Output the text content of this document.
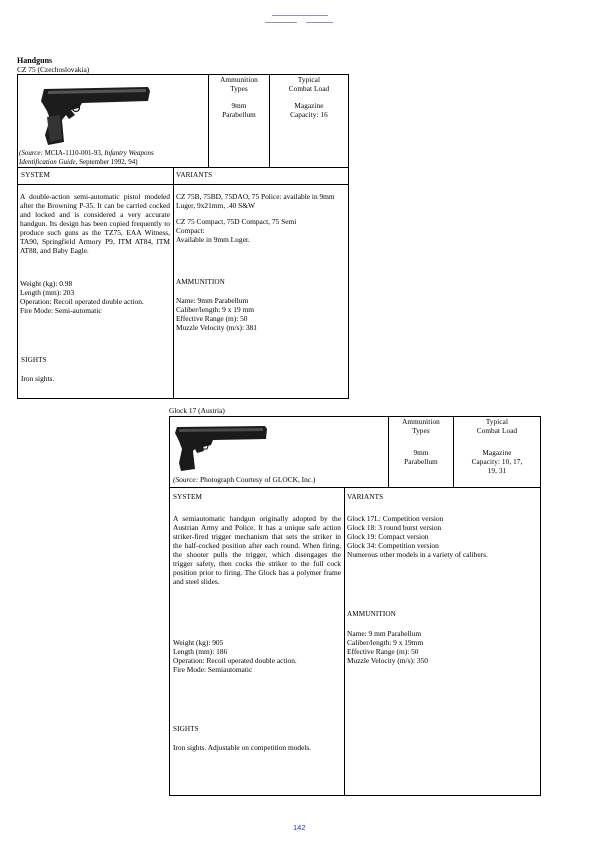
Handguns
CZ 75 (Czechoslovakia)
Ammunition
Types
9mm
Parabellum
Typical
Combat Load
Magazine
Capacity: 16
(Source: MCIA-1110-001-93, Infantry Weapons
Identification Guide, September 1992, 94)
SYSTEM	VARIANTS
A double-action semi-automatic pistol modeled after the Browning P-35. It can be carried cocked and locked and is considered a very accurate handgun. Its design has been copied frequently to produce such guns as the TZ75, EAA Witness, TA90, Springfield Armory P9, ITM AT84, ITM AT88, and Baby Eagle.
CZ 75B, 75BD, 75DAO, 75 Police: available in 9mm Luger, 9x21mm, .40 S&W
CZ 75 Compact, 75D Compact, 75 Semi Compact:
Available in 9mm Luger.
Weight (kg): 0.98
Length (mm): 203
Operation: Recoil operated double action.
Fire Mode: Semi-automatic
AMMUNITION
Name: 9mm Parabellum
Caliber/length: 9 x 19 mm
Effective Range (m): 50
Muzzle Velocity (m/s): 381
SIGHTS
Iron sights.
Glock 17 (Austria)
Ammunition
Types
9mm
Parabellum
Typical
Combat Load
Magazine
Capacity: 10, 17,
19, 31
(Source: Photograph Courtesy of GLOCK, Inc.)
SYSTEM	VARIANTS
A semiautomatic handgun originally adopted by the Austrian Army and Police. It has a unique safe action striker-fired trigger mechanism that sets the striker in the half-cocked position after each round. When firing, the shooter pulls the trigger, which disengages the trigger safety, then cocks the striker to the full cock position prior to firing. The Glock has a polymer frame and steel slides.
Glock 17L: Competition version
Glock 18: 3 round burst version
Glock 19: Compact version
Glock 34: Competition version
Numerous other models in a variety of calibers.
Weight (kg): 905
Length (mm): 186
Operation: Recoil operated double action.
Fire Mode: Semiautomatic
AMMUNITION
Name: 9 mm Parabellum
Caliber/length: 9 x 19mm
Effective Range (m): 50
Muzzle Velocity (m/s): 350
SIGHTS
Iron sights. Adjustable on competition models.
142
